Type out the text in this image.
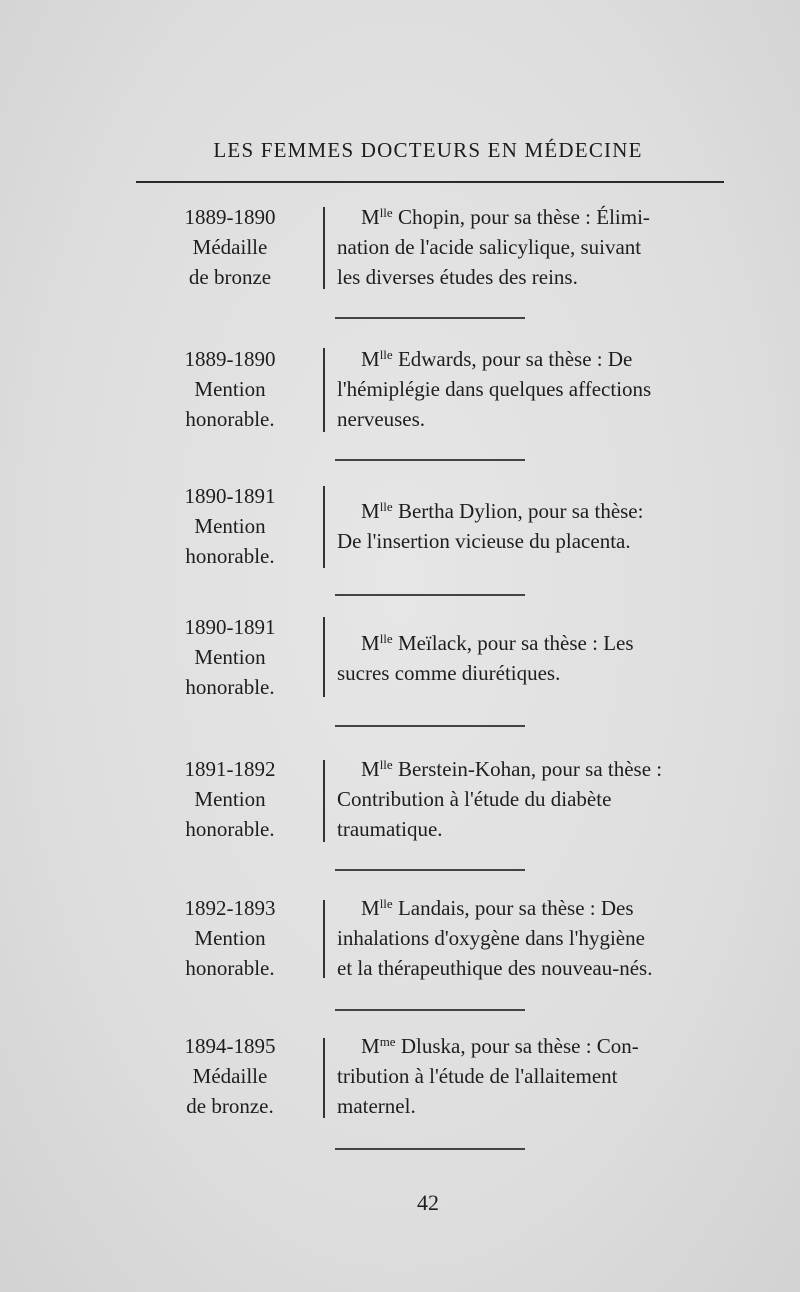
LES FEMMES DOCTEURS EN MÉDECINE
1889-1890
Médaille
de bronze
$M^{lle}$ Chopin, pour sa thèse : Élimi-
nation de l'acide salicylique, suivant
les diverses études des reins.
1889-1890
Mention
honorable.
$M^{lle}$ Edwards, pour sa thèse : De
l'hémiplégie dans quelques affections
nerveuses.
1890-1891
Mention
honorable.
$M^{lle}$ Bertha Dylion, pour sa thèse:
De l'insertion vicieuse du placenta.
1890-1891
Mention
honorable.
$M^{lle}$ Meïlack, pour sa thèse : Les
sucres comme diurétiques.
1891-1892
Mention
honorable.
$M^{lle}$ Berstein-Kohan, pour sa thèse :
Contribution à l'étude du diabète
traumatique.
1892-1893
Mention
honorable.
$M^{lle}$ Landais, pour sa thèse : Des
inhalations d'oxygène dans l'hygiène
et la thérapeuthique des nouveau-nés.
1894-1895
Médaille
de bronze.
$M^{me}$ Dluska, pour sa thèse : Con-
tribution à l'étude de l'allaitement
maternel.
42
